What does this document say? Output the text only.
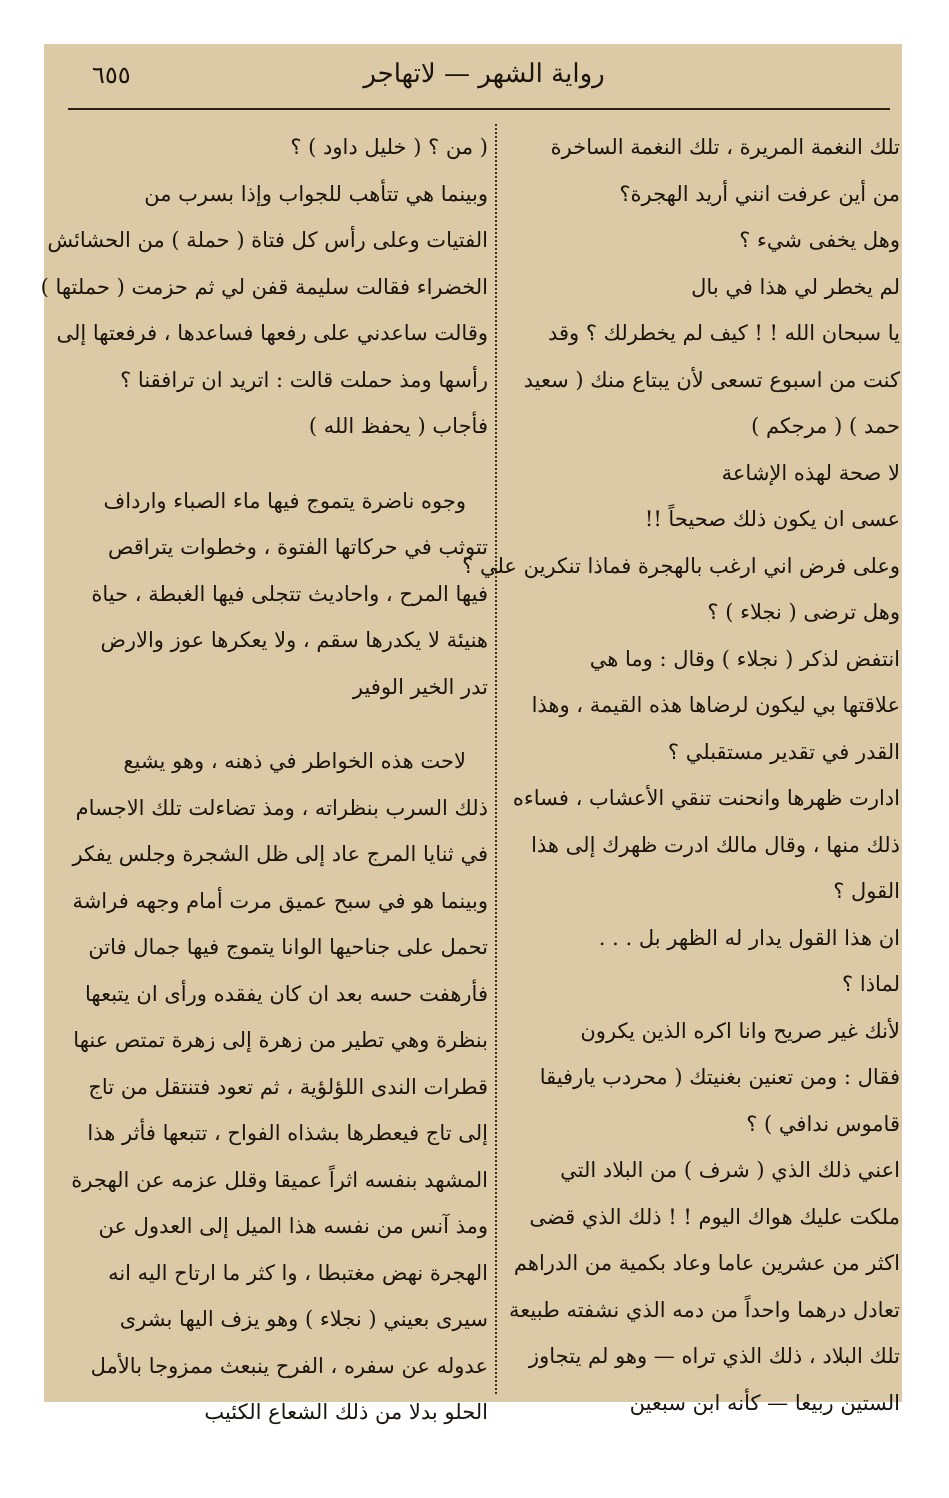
٦٥٥	رواية الشهر — لاتهاجر
تلك النغمة المريرة ، تلك النغمة الساخرة
من أين عرفت انني أريد الهجرة؟
وهل يخفى شيء ؟
لم يخطر لي هذا في بال
يا سبحان الله ! ! كيف لم يخطرلك ؟ وقد
كنت من اسبوع تسعى لأن يبتاع منك ( سعيد
حمد ) ( مرجكم )
لا صحة لهذه الإشاعة
عسى ان يكون ذلك صحيحاً !!
وعلى فرض اني ارغب بالهجرة فماذا تنكرين علي ؟
وهل ترضى ( نجلاء ) ؟
انتفض لذكر ( نجلاء ) وقال : وما هي
علاقتها بي ليكون لرضاها هذه القيمة ، وهذا
القدر في تقدير مستقبلي ؟
ادارت ظهرها وانحنت تنقي الأعشاب ، فساءه
ذلك منها ، وقال مالك ادرت ظهرك إلى هذا
القول ؟
ان هذا القول يدار له الظهر بل . . .
لماذا ؟
لأنك غير صريح وانا اكره الذين يكرون
فقال : ومن تعنين بغنيتك ( محردب يارفيقا
قاموس ندافي ) ؟
اعني ذلك الذي ( شرف ) من البلاد التي
ملكت عليك هواك اليوم ! ! ذلك الذي قضى
اكثر من عشرين عاما وعاد بكمية من الدراهم
تعادل درهما واحداً من دمه الذي نشفته طبيعة
تلك البلاد ، ذلك الذي تراه — وهو لم يتجاوز
الستين ربيعا — كأنه ابن سبعين
( من ؟ ( خليل داود ) ؟
وبينما هي تتأهب للجواب وإذا بسرب من
الفتيات وعلى رأس كل فتاة ( حملة ) من الحشائش
الخضراء فقالت سليمة قفن لي ثم حزمت ( حملتها )
وقالت ساعدني على رفعها فساعدها ، فرفعتها إلى
رأسها ومذ حملت قالت : اتريد ان ترافقنا ؟
فأجاب ( يحفظ الله )
وجوه ناضرة يتموج فيها ماء الصباء وارداف
تتوثب في حركاتها الفتوة ، وخطوات يتراقص
فيها المرح ، واحاديث تتجلى فيها الغبطة ، حياة
هنيئة لا يكدرها سقم ، ولا يعكرها عوز والارض
تدر الخير الوفير
لاحت هذه الخواطر في ذهنه ، وهو يشيع
ذلك السرب بنظراته ، ومذ تضاءلت تلك الاجسام
في ثنايا المرج عاد إلى ظل الشجرة وجلس يفكر
وبينما هو في سبح عميق مرت أمام وجهه فراشة
تحمل على جناحيها الوانا يتموج فيها جمال فاتن
فأرهفت حسه بعد ان كان يفقده ورأى ان يتبعها
بنظرة وهي تطير من زهرة إلى زهرة تمتص عنها
قطرات الندى اللؤلؤية ، ثم تعود فتنتقل من تاج
إلى تاج فيعطرها بشذاه الفواح ، تتبعها فأثر هذا
المشهد بنفسه اثراً عميقا وقلل عزمه عن الهجرة
ومذ آنس من نفسه هذا الميل إلى العدول عن
الهجرة نهض مغتبطا ، وا كثر ما ارتاح اليه انه
سيرى بعيني ( نجلاء ) وهو يزف اليها بشرى
عدوله عن سفره ، الفرح ينبعث ممزوجا بالأمل
الحلو بدلا من ذلك الشعاع الكئيب
